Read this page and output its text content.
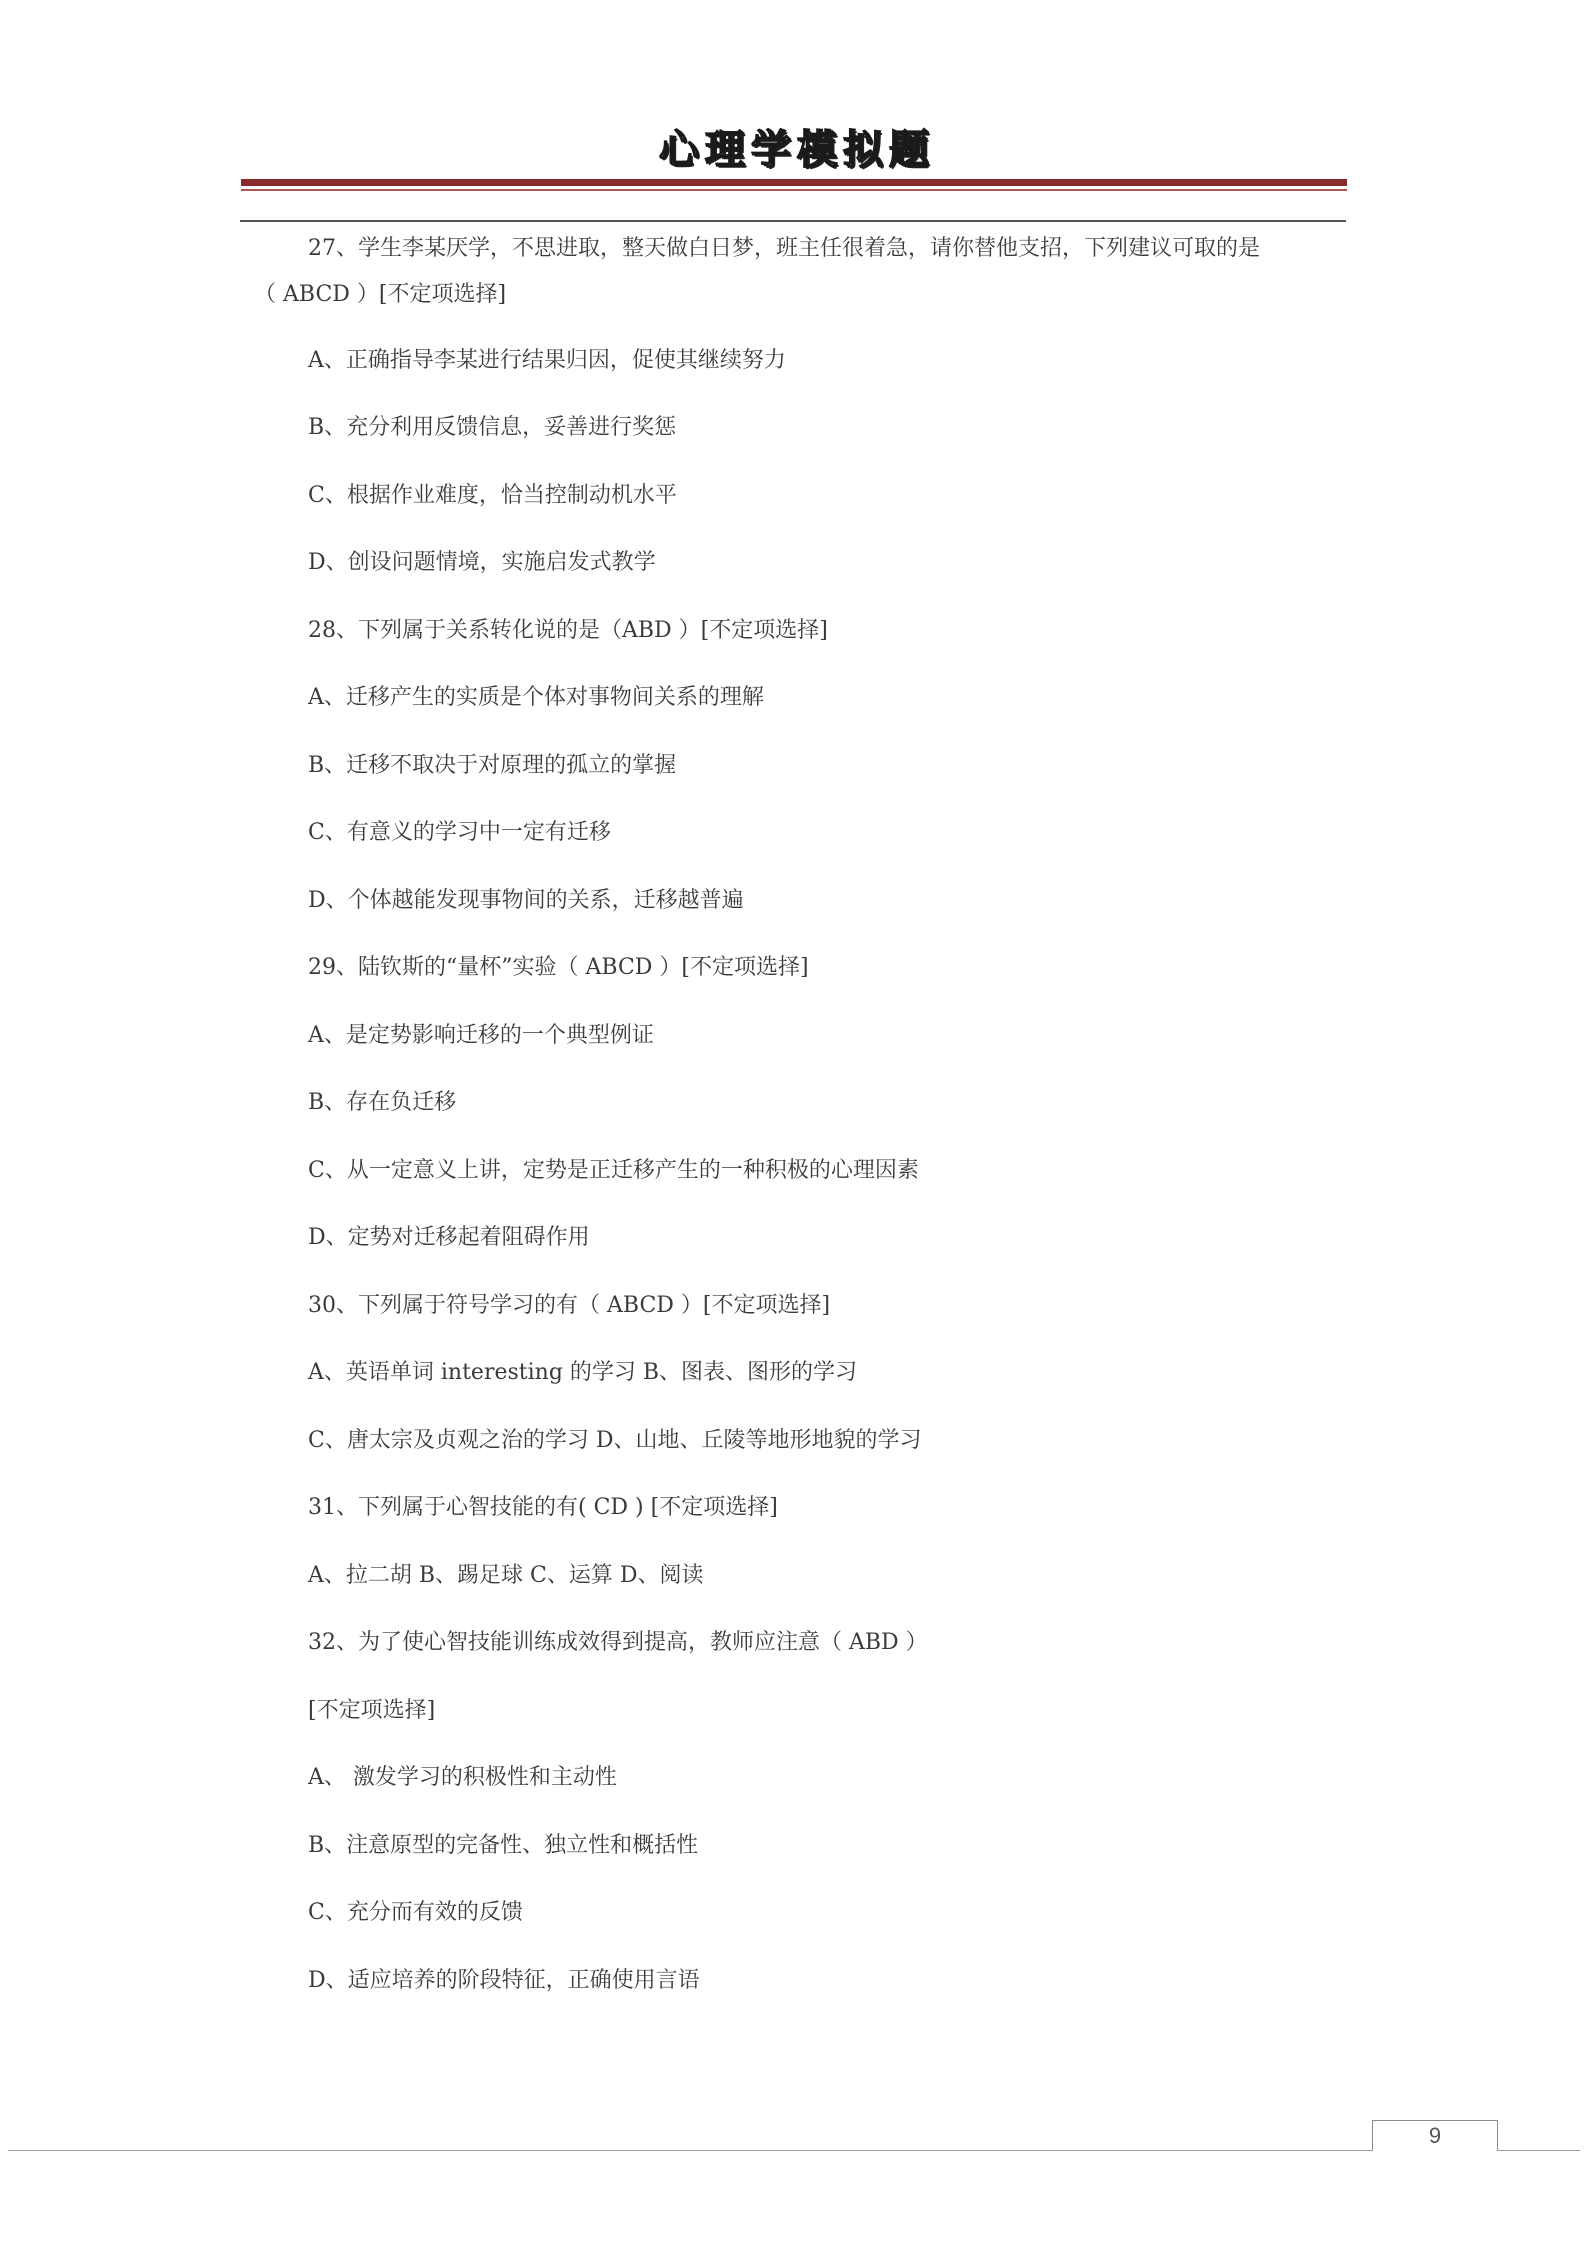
心理学模拟题
27、学生李某厌学，不思进取，整天做白日梦，班主任很着急，请你替他支招，下列建议可取的是
（ ABCD ）[不定项选择]
A、正确指导李某进行结果归因，促使其继续努力
B、充分利用反馈信息，妥善进行奖惩
C、根据作业难度，恰当控制动机水平
D、创设问题情境，实施启发式教学
28、下列属于关系转化说的是（ABD ）[不定项选择]
A、迁移产生的实质是个体对事物间关系的理解
B、迁移不取决于对原理的孤立的掌握
C、有意义的学习中一定有迁移
D、个体越能发现事物间的关系，迁移越普遍
29、陆钦斯的“量杯”实验（ ABCD ）[不定项选择]
A、是定势影响迁移的一个典型例证
B、存在负迁移
C、从一定意义上讲，定势是正迁移产生的一种积极的心理因素
D、定势对迁移起着阻碍作用
30、下列属于符号学习的有（ ABCD ）[不定项选择]
A、英语单词 interesting 的学习 B、图表、图形的学习
C、唐太宗及贞观之治的学习 D、山地、丘陵等地形地貌的学习
31、下列属于心智技能的有( CD ) [不定项选择]
A、拉二胡 B、踢足球 C、运算 D、阅读
32、为了使心智技能训练成效得到提高，教师应注意（ ABD ）
[不定项选择]
A、 激发学习的积极性和主动性
B、注意原型的完备性、独立性和概括性
C、充分而有效的反馈
D、适应培养的阶段特征，正确使用言语
9
